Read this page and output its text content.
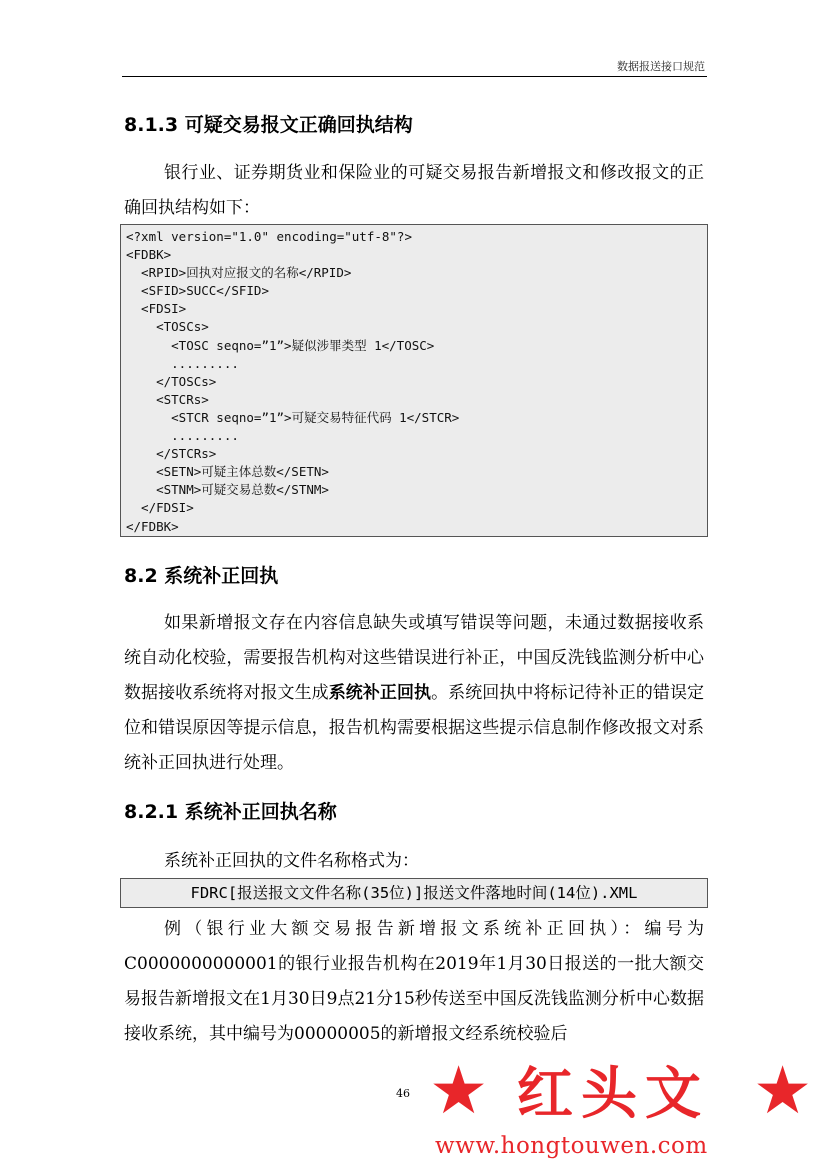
数据报送接口规范
8.1.3 可疑交易报文正确回执结构

银行业、证券期货业和保险业的可疑交易报告新增报文和修改报文的正确回执结构如下：

<?xml version="1.0" encoding="utf-8"?>
<FDBK>
<RPID>回执对应报文的名称</RPID>
<SFID>SUCC</SFID>
<FDSI>
<TOSCs>
<TOSC seqno=”1”>疑似涉罪类型 1</TOSC>
.........
</TOSCs>
<STCRs>
<STCR seqno=”1”>可疑交易特征代码 1</STCR>
.........
</STCRs>
<SETN>可疑主体总数</SETN>
<STNM>可疑交易总数</STNM>
</FDSI>
</FDBK>
8.2 系统补正回执

如果新增报文存在内容信息缺失或填写错误等问题，未通过数据接收系统自动化校验，需要报告机构对这些错误进行补正，中国反洗钱监测分析中心数据接收系统将对报文生成系统补正回执。系统回执中将标记待补正的错误定位和错误原因等提示信息，报告机构需要根据这些提示信息制作修改报文对系统补正回执进行处理。

8.2.1 系统补正回执名称

系统补正回执的文件名称格式为：

FDRC[报送报文文件名称(35位)]报送文件落地时间(14位).XML

例（银行业大额交易报告新增报文系统补正回执）：编号为C0000000000001的银行业报告机构在2019年1月30日报送的一批大额交易报告新增报文在1月30日9点21分15秒传送至中国反洗钱监测分析中心数据接收系统，其中编号为00000005的新增报文经系统校验后

46 ★ 红头文 ★
www.hongtouwen.com
